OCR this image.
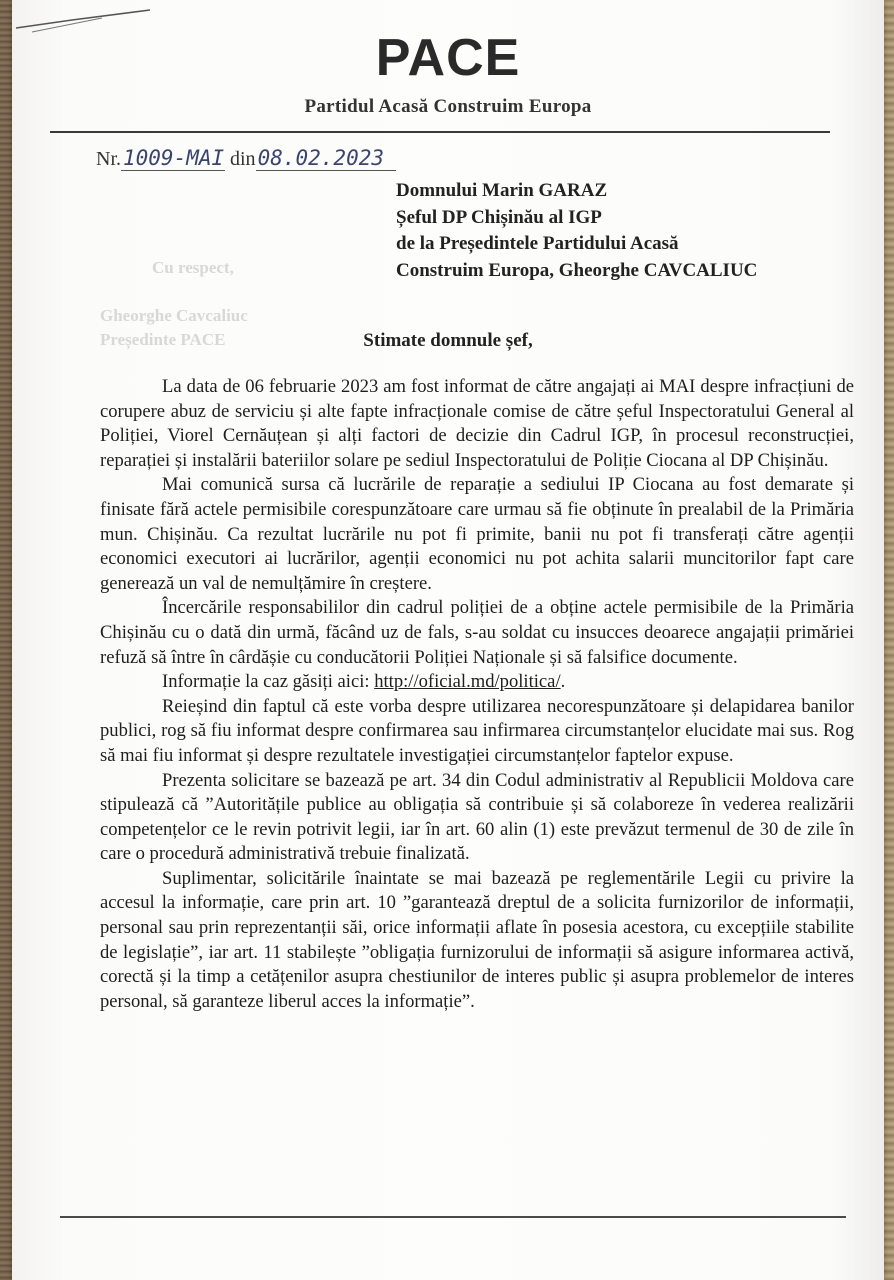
PACE
Partidul Acasă Construim Europa
Nr.1009-MAI din08.02.2023
Cu respect,
Gheorghe Cavcaliuc
Președinte PACE
Domnului Marin GARAZ
Șeful DP Chișinău al IGP
de la Președintele Partidului Acasă
Construim Europa, Gheorghe CAVCALIUC
Stimate domnule șef,

La data de 06 februarie 2023 am fost informat de către angajați ai MAI despre infracțiuni de corupere abuz de serviciu și alte fapte infracționale comise de către șeful Inspectoratului General al Poliției, Viorel Cernăuțean și alți factori de decizie din Cadrul IGP, în procesul reconstrucției, reparației și instalării bateriilor solare pe sediul Inspectoratului de Poliție Ciocana al DP Chișinău.

Mai comunică sursa că lucrările de reparație a sediului IP Ciocana au fost demarate și finisate fără actele permisibile corespunzătoare care urmau să fie obținute în prealabil de la Primăria mun. Chișinău. Ca rezultat lucrările nu pot fi primite, banii nu pot fi transferați către agenții economici executori ai lucrărilor, agenții economici nu pot achita salarii muncitorilor fapt care generează un val de nemulțămire în creștere.

Încercările responsabililor din cadrul poliției de a obține actele permisibile de la Primăria Chișinău cu o dată din urmă, făcând uz de fals, s-au soldat cu insucces deoarece angajații primăriei refuză să între în cârdășie cu conducătorii Poliției Naționale și să falsifice documente.

Informație la caz găsiți aici: http://oficial.md/politica/.

Reieșind din faptul că este vorba despre utilizarea necorespunzătoare și delapidarea banilor publici, rog să fiu informat despre confirmarea sau infirmarea circumstanțelor elucidate mai sus. Rog să mai fiu informat și despre rezultatele investigației circumstanțelor faptelor expuse.

Prezenta solicitare se bazează pe art. 34 din Codul administrativ al Republicii Moldova care stipulează că ”Autoritățile publice au obligația să contribuie și să colaboreze în vederea realizării competențelor ce le revin potrivit legii, iar în art. 60 alin (1) este prevăzut termenul de 30 de zile în care o procedură administrativă trebuie finalizată.

Suplimentar, solicitările înaintate se mai bazează pe reglementările Legii cu privire la accesul la informație, care prin art. 10 ”garantează dreptul de a solicita furnizorilor de informații, personal sau prin reprezentanții săi, orice informații aflate în posesia acestora, cu excepțiile stabilite de legislație”, iar art. 11 stabilește ”obligația furnizorului de informații să asigure informarea activă, corectă și la timp a cetățenilor asupra chestiunilor de interes public și asupra problemelor de interes personal, să garanteze liberul acces la informație”.
